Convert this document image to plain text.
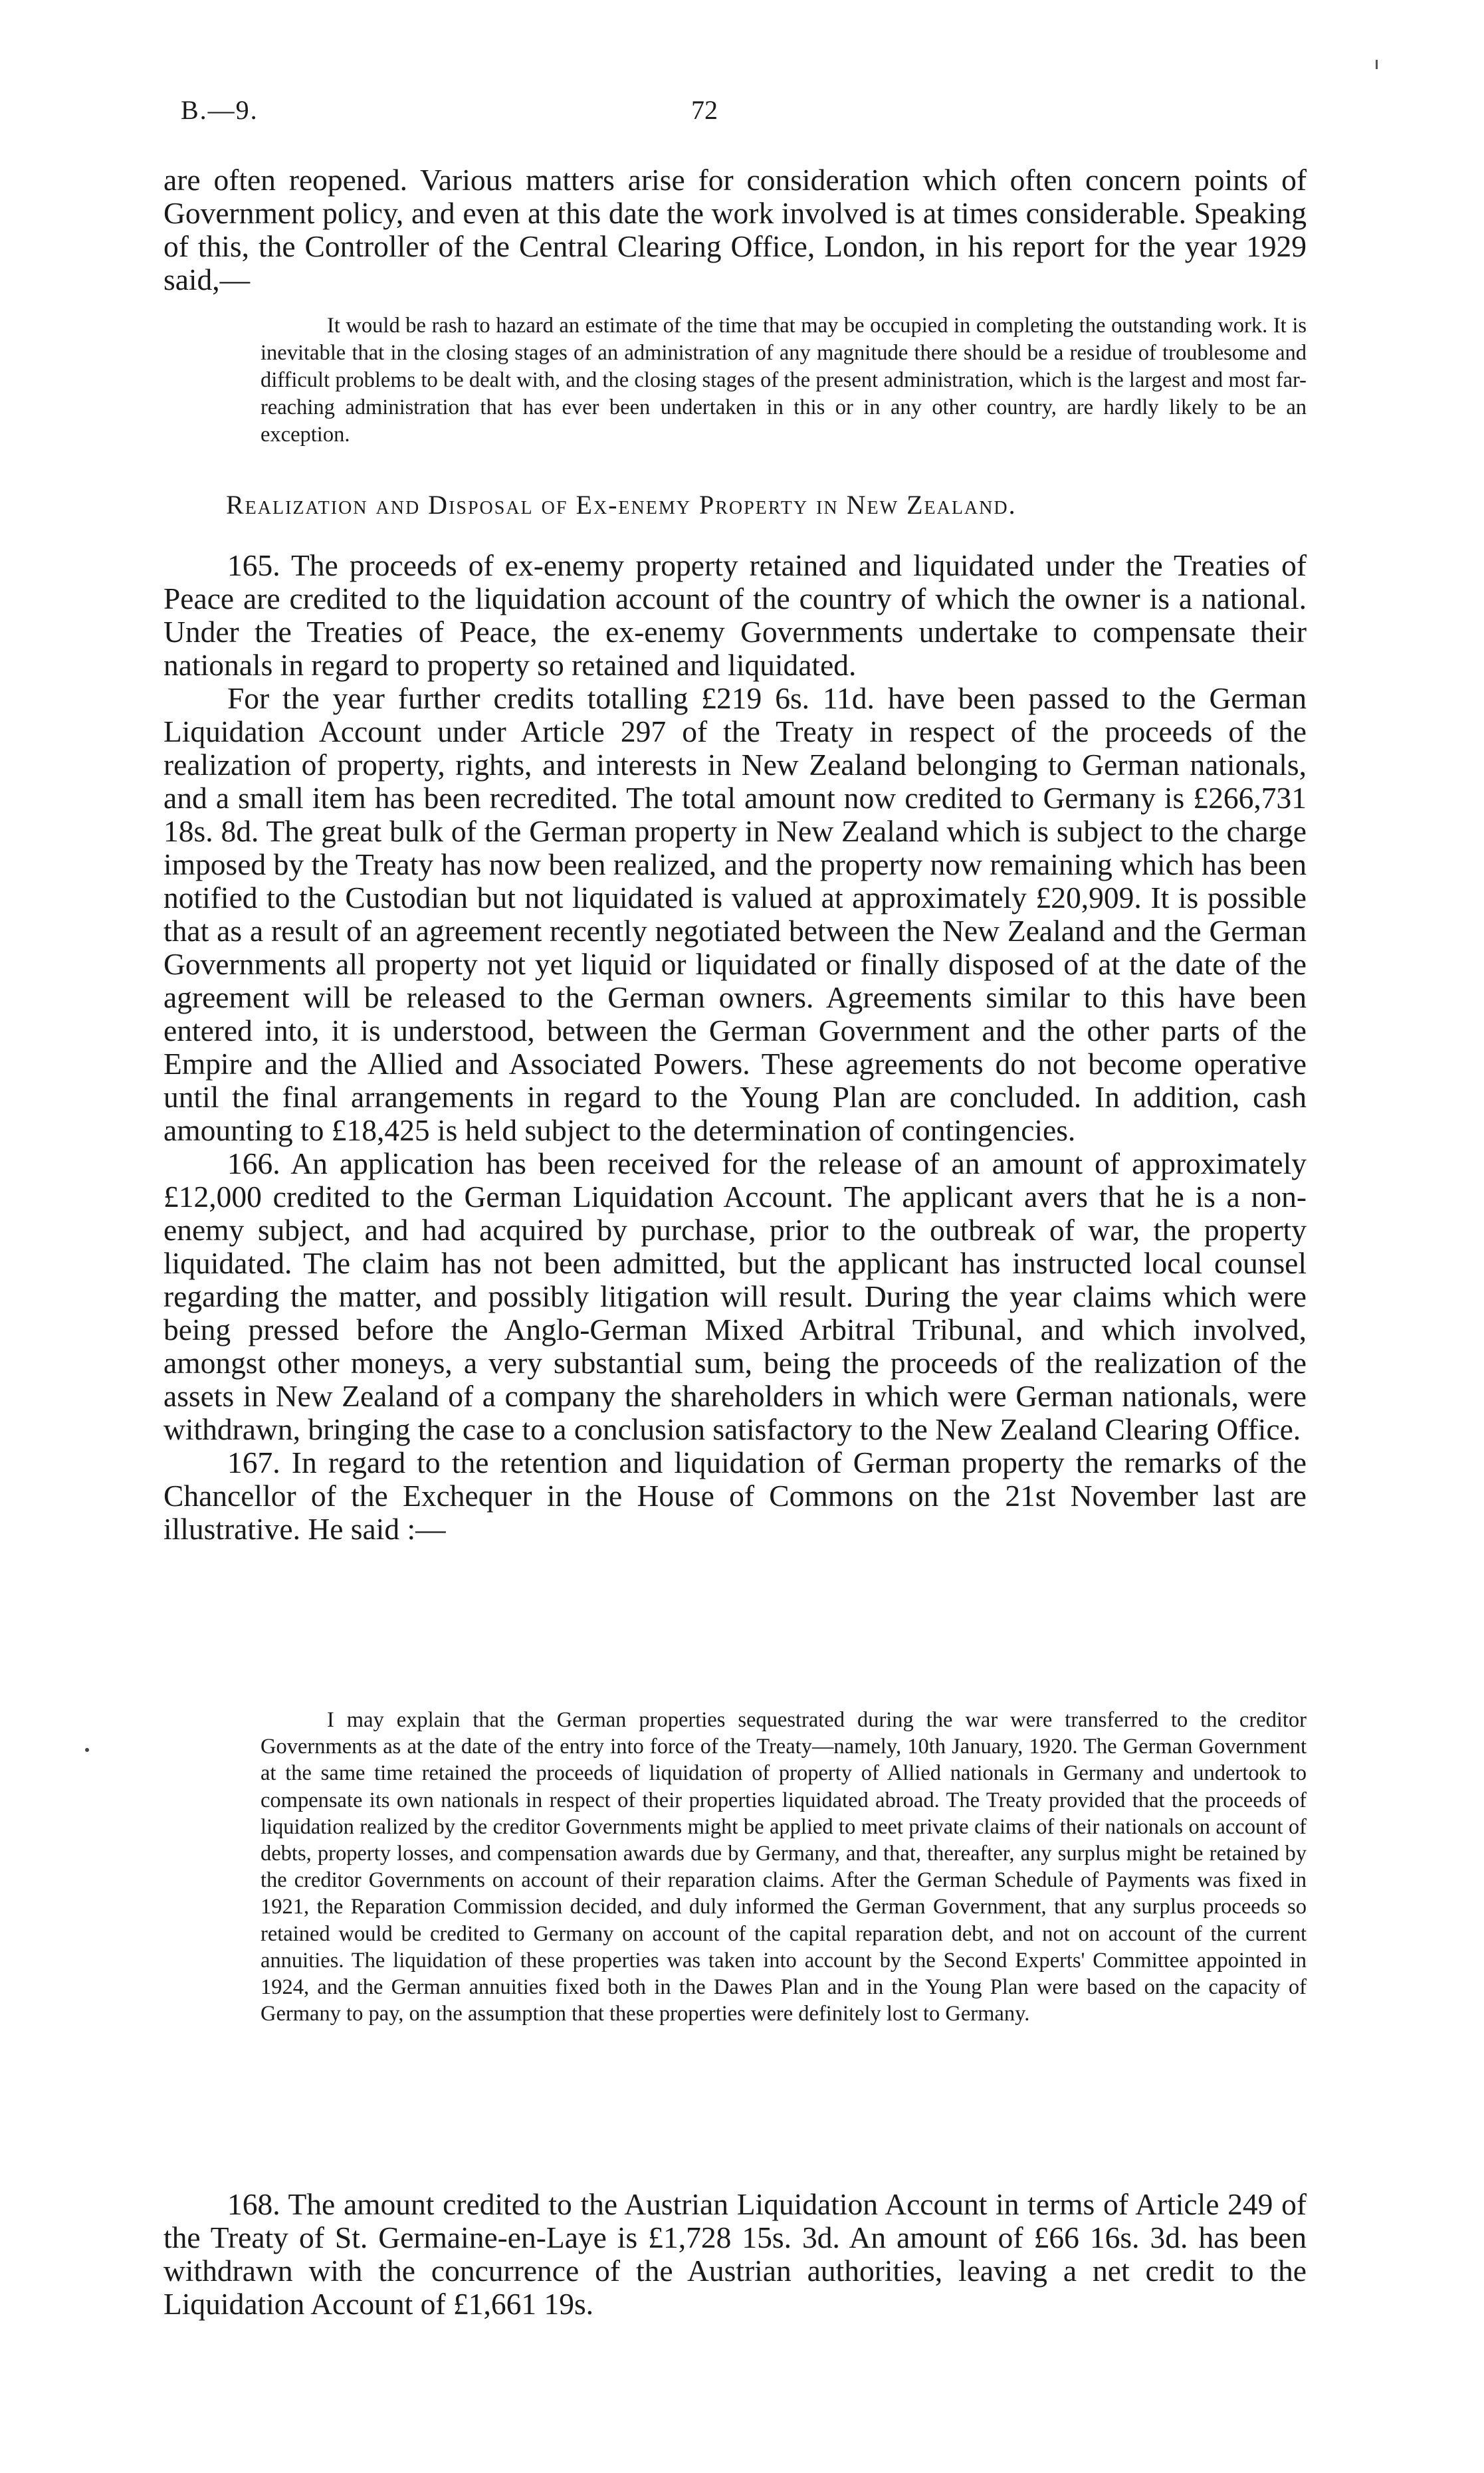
B.—9.	72

are often reopened. Various matters arise for consideration which often concern points of Government policy, and even at this date the work involved is at times considerable. Speaking of this, the Controller of the Central Clearing Office, London, in his report for the year 1929 said,—

It would be rash to hazard an estimate of the time that may be occupied in completing the outstanding work. It is inevitable that in the closing stages of an administration of any magnitude there should be a residue of troublesome and difficult problems to be dealt with, and the closing stages of the present administration, which is the largest and most far-reaching administration that has ever been undertaken in this or in any other country, are hardly likely to be an exception.

Realization and Disposal of Ex-enemy Property in New Zealand.

165. The proceeds of ex-enemy property retained and liquidated under the Treaties of Peace are credited to the liquidation account of the country of which the owner is a national. Under the Treaties of Peace, the ex-enemy Governments undertake to compensate their nationals in regard to property so retained and liquidated.

For the year further credits totalling £219 6s. 11d. have been passed to the German Liquidation Account under Article 297 of the Treaty in respect of the proceeds of the realization of property, rights, and interests in New Zealand belonging to German nationals, and a small item has been recredited. The total amount now credited to Germany is £266,731 18s. 8d. The great bulk of the German property in New Zealand which is subject to the charge imposed by the Treaty has now been realized, and the property now remaining which has been notified to the Custodian but not liquidated is valued at approximately £20,909. It is possible that as a result of an agreement recently negotiated between the New Zealand and the German Governments all property not yet liquid or liquidated or finally disposed of at the date of the agreement will be released to the German owners. Agreements similar to this have been entered into, it is understood, between the German Government and the other parts of the Empire and the Allied and Associated Powers. These agreements do not become operative until the final arrangements in regard to the Young Plan are concluded. In addition, cash amounting to £18,425 is held subject to the determination of contingencies.

166. An application has been received for the release of an amount of approximately £12,000 credited to the German Liquidation Account. The applicant avers that he is a non-enemy subject, and had acquired by purchase, prior to the outbreak of war, the property liquidated. The claim has not been admitted, but the applicant has instructed local counsel regarding the matter, and possibly litigation will result. During the year claims which were being pressed before the Anglo-German Mixed Arbitral Tribunal, and which involved, amongst other moneys, a very substantial sum, being the proceeds of the realization of the assets in New Zealand of a company the shareholders in which were German nationals, were withdrawn, bringing the case to a conclusion satisfactory to the New Zealand Clearing Office.

167. In regard to the retention and liquidation of German property the remarks of the Chancellor of the Exchequer in the House of Commons on the 21st November last are illustrative. He said :—

I may explain that the German properties sequestrated during the war were transferred to the creditor Governments as at the date of the entry into force of the Treaty—namely, 10th January, 1920. The German Government at the same time retained the proceeds of liquidation of property of Allied nationals in Germany and undertook to compensate its own nationals in respect of their properties liquidated abroad. The Treaty provided that the proceeds of liquidation realized by the creditor Governments might be applied to meet private claims of their nationals on account of debts, property losses, and compensation awards due by Germany, and that, thereafter, any surplus might be retained by the creditor Governments on account of their reparation claims. After the German Schedule of Payments was fixed in 1921, the Reparation Commission decided, and duly informed the German Government, that any surplus proceeds so retained would be credited to Germany on account of the capital reparation debt, and not on account of the current annuities. The liquidation of these properties was taken into account by the Second Experts' Committee appointed in 1924, and the German annuities fixed both in the Dawes Plan and in the Young Plan were based on the capacity of Germany to pay, on the assumption that these properties were definitely lost to Germany.

168. The amount credited to the Austrian Liquidation Account in terms of Article 249 of the Treaty of St. Germaine-en-Laye is £1,728 15s. 3d. An amount of £66 16s. 3d. has been withdrawn with the concurrence of the Austrian authorities, leaving a net credit to the Liquidation Account of £1,661 19s.
